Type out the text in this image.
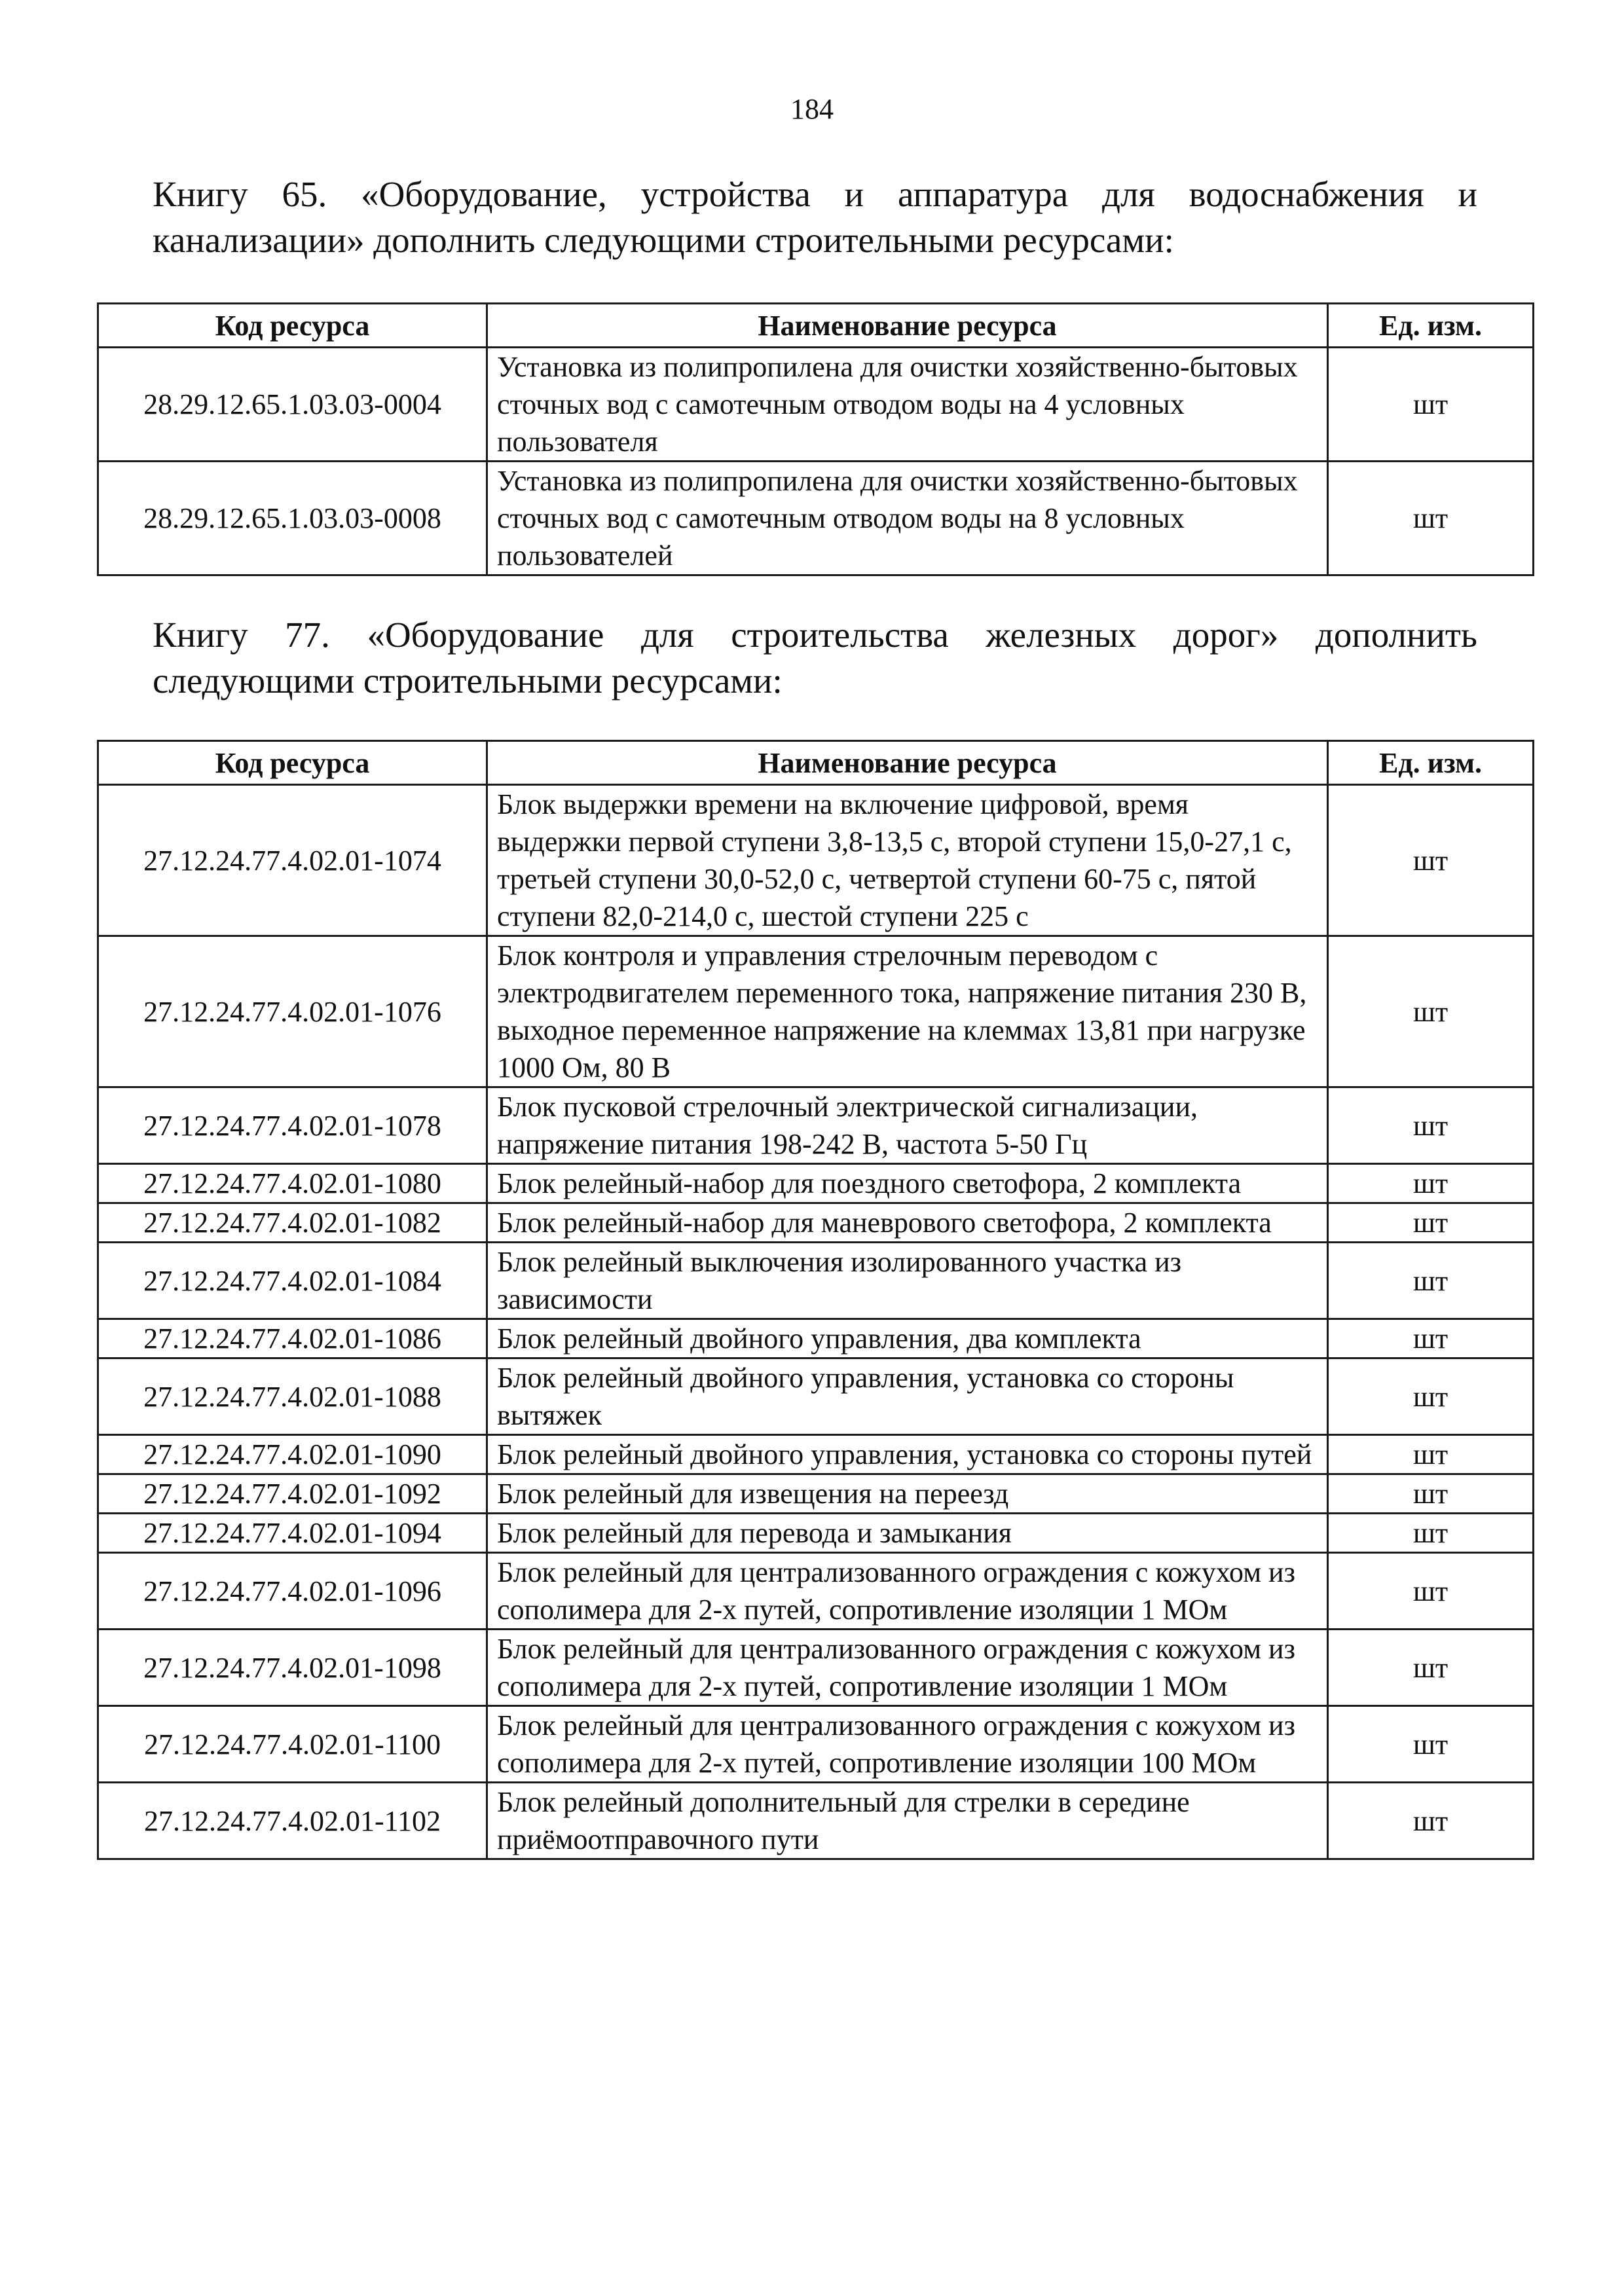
184

Книгу 65. «Оборудование, устройства и аппаратура для водоснабжения и канализации» дополнить следующими строительными ресурсами:

Код ресурса	Наименование ресурса	Ед. изм.
28.29.12.65.1.03.03-0004	Установка из полипропилена для очистки хозяйственно-бытовых сточных вод с самотечным отводом воды на 4 условных пользователя	шт
28.29.12.65.1.03.03-0008	Установка из полипропилена для очистки хозяйственно-бытовых сточных вод с самотечным отводом воды на 8 условных пользователей	шт

Книгу 77. «Оборудование для строительства железных дорог» дополнить следующими строительными ресурсами:

Код ресурса	Наименование ресурса	Ед. изм.
27.12.24.77.4.02.01-1074	Блок выдержки времени на включение цифровой, время выдержки первой ступени 3,8-13,5 с, второй ступени 15,0-27,1 с, третьей ступени 30,0-52,0 с, четвертой ступени 60-75 с, пятой ступени 82,0-214,0 с, шестой ступени 225 с	шт
27.12.24.77.4.02.01-1076	Блок контроля и управления стрелочным переводом с электродвигателем переменного тока, напряжение питания 230 В, выходное переменное напряжение на клеммах 13,81 при нагрузке 1000 Ом, 80 В	шт
27.12.24.77.4.02.01-1078	Блок пусковой стрелочный электрической сигнализации, напряжение питания 198-242 В, частота 5-50 Гц	шт
27.12.24.77.4.02.01-1080	Блок релейный-набор для поездного светофора, 2 комплекта	шт
27.12.24.77.4.02.01-1082	Блок релейный-набор для маневрового светофора, 2 комплекта	шт
27.12.24.77.4.02.01-1084	Блок релейный выключения изолированного участка из зависимости	шт
27.12.24.77.4.02.01-1086	Блок релейный двойного управления, два комплекта	шт
27.12.24.77.4.02.01-1088	Блок релейный двойного управления, установка со стороны вытяжек	шт
27.12.24.77.4.02.01-1090	Блок релейный двойного управления, установка со стороны путей	шт
27.12.24.77.4.02.01-1092	Блок релейный для извещения на переезд	шт
27.12.24.77.4.02.01-1094	Блок релейный для перевода и замыкания	шт
27.12.24.77.4.02.01-1096	Блок релейный для централизованного ограждения с кожухом из сополимера для 2-х путей, сопротивление изоляции 1 МОм	шт
27.12.24.77.4.02.01-1098	Блок релейный для централизованного ограждения с кожухом из сополимера для 2-х путей, сопротивление изоляции 1 МОм	шт
27.12.24.77.4.02.01-1100	Блок релейный для централизованного ограждения с кожухом из сополимера для 2-х путей, сопротивление изоляции 100 МОм	шт
27.12.24.77.4.02.01-1102	Блок релейный дополнительный для стрелки в середине приёмоотправочного пути	шт
